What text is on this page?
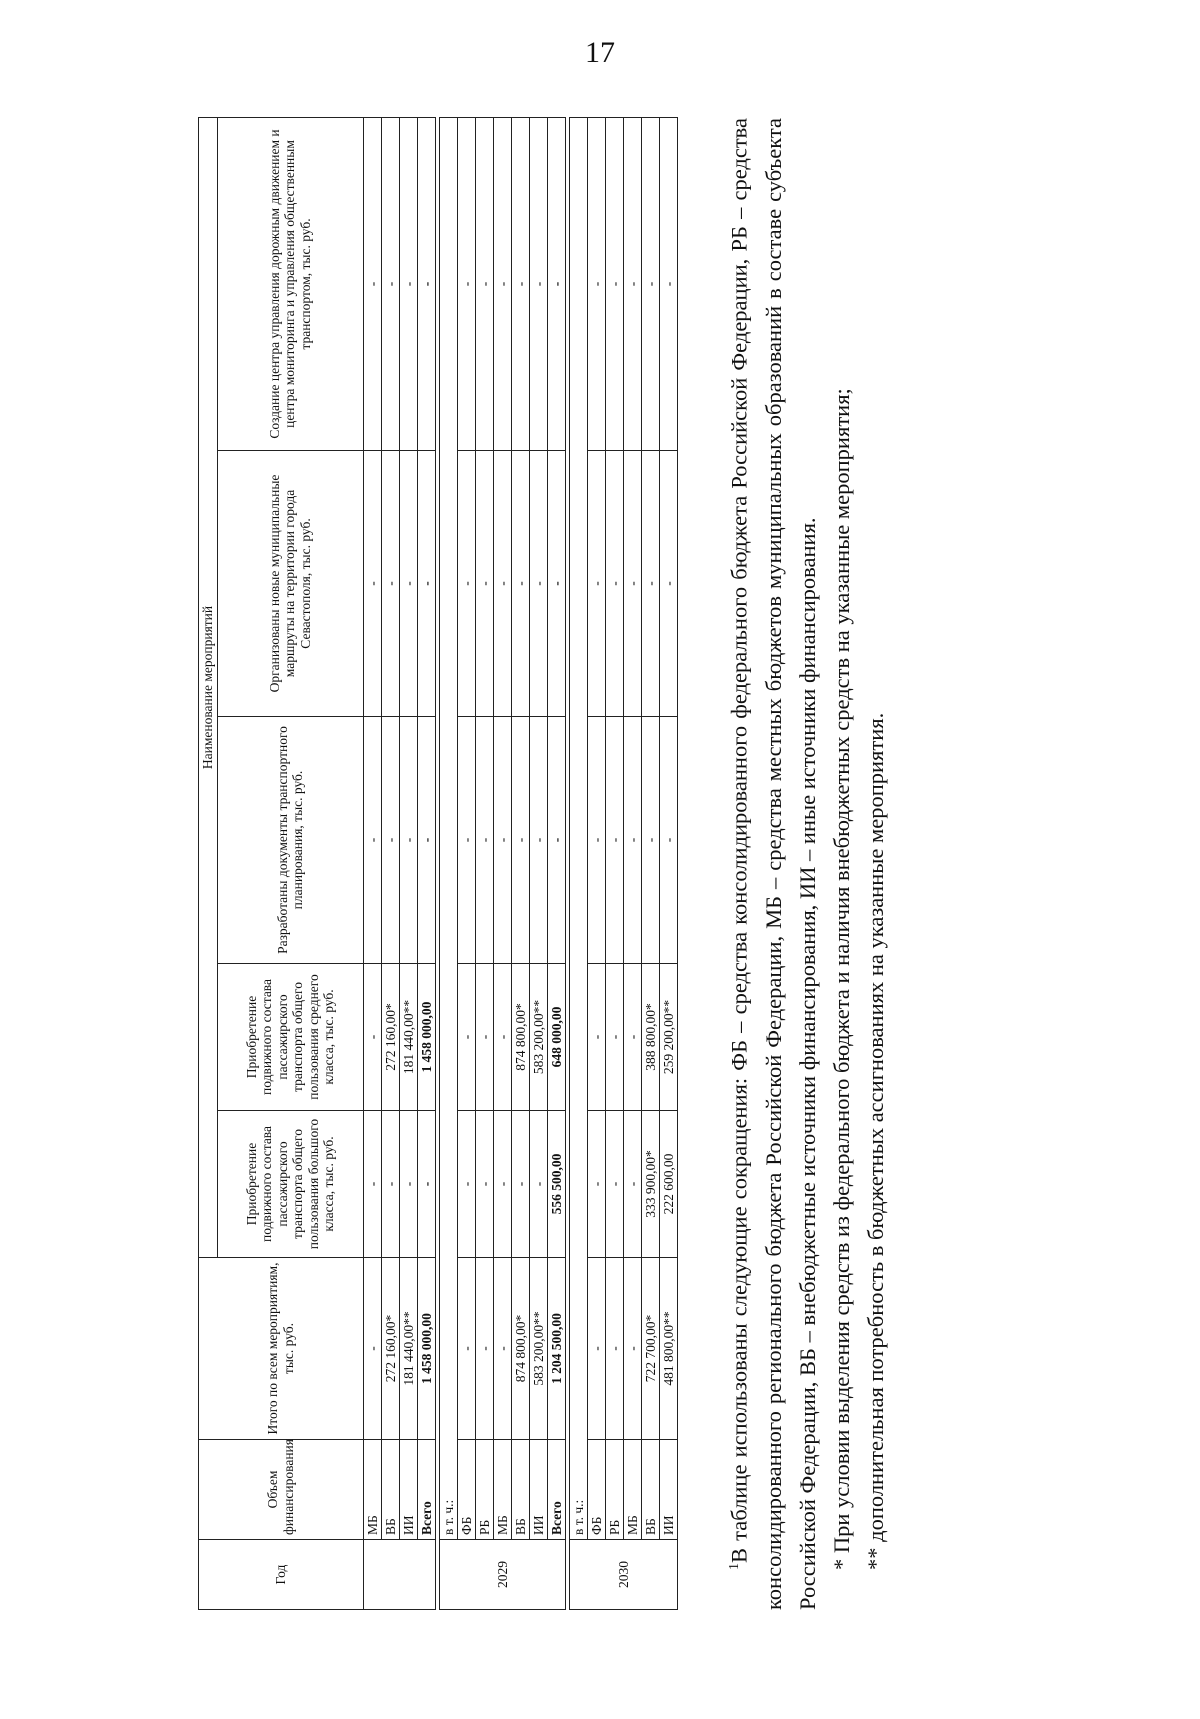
17
Год	Объем финансирования	Итого по всем мероприятиям, тыс. руб.	Наименование мероприятий				
			Приобретение подвижного состава пассажирского транспорта общего пользования большого класса, тыс. руб.	Приобретение подвижного состава пассажирского транспорта общего пользования среднего класса, тыс. руб.	Разработаны документы транспортного планирования, тыс. руб.	Организованы новые муниципальные маршруты на территории города Севастополя, тыс. руб.	Создание центра управления дорожным движением и центра мониторинга и управления общественным транспортом, тыс. руб.
	МБ	-	-	-	-	-	-
	ВБ	272 160,00*	-	272 160,00*	-	-	-
	ИИ	181 440,00**	-	181 440,00**	-	-	-
	Всего	1 458 000,00	-	1 458 000,00	-	-	-

2029	в т. ч.:						
	ФБ	-	-	-	-	-	-
	РБ	-	-	-	-	-	-
	МБ	-	-	-	-	-	-
	ВБ	874 800,00*	-	874 800,00*	-	-	-
	ИИ	583 200,00**	-	583 200,00**	-	-	-
	Всего	1 204 500,00	556 500,00	648 000,00	-	-	-

2030	в т. ч.:						
	ФБ	-	-	-	-	-	-
	РБ	-	-	-	-	-	-
	МБ	-	-	-	-	-	-
	ВБ	722 700,00*	333 900,00*	388 800,00*	-	-	-
	ИИ	481 800,00**	222 600,00	259 200,00**	-	-	-

$^1$В таблице использованы следующие сокращения: ФБ – средства консолидированного федерального бюджета Российской Федерации, РБ – средства консолидированного регионального бюджета Российской Федерации, МБ – средства местных бюджетов муниципальных образований в составе субъекта Российской Федерации, ВБ – внебюджетные источники финансирования, ИИ – иные источники финансирования. * При условии выделения средств из федерального бюджета и наличия внебюджетных средств на указанные мероприятия; ** дополнительная потребность в бюджетных ассигнованиях на указанные мероприятия.
